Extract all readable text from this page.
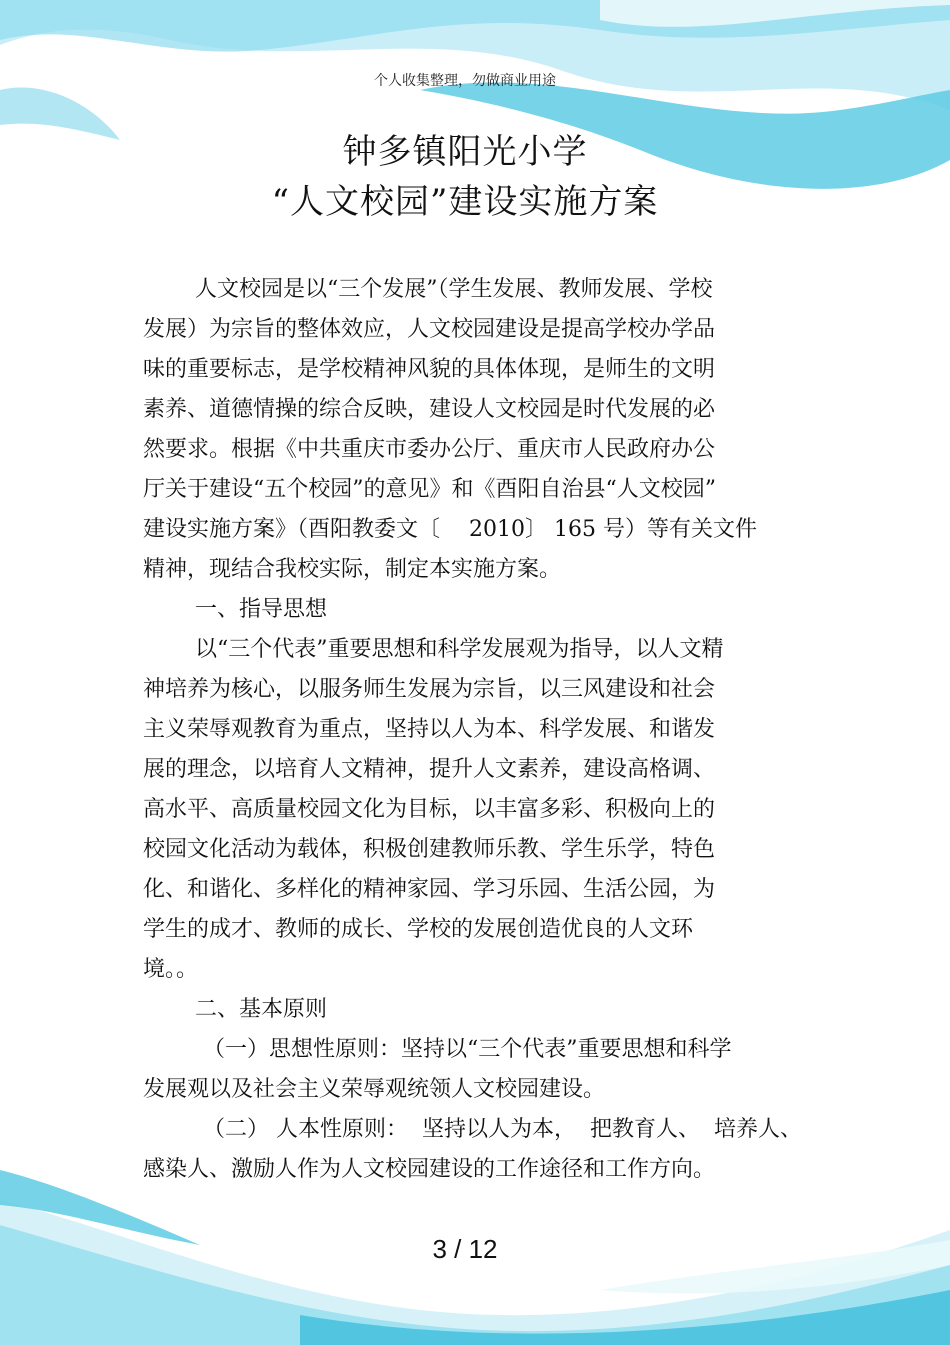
个人收集整理，勿做商业用途
钟多镇阳光小学
“人文校园”建设实施方案
人文校园是以“三个发展”（学生发展、教师发展、学校
发展）为宗旨的整体效应，人文校园建设是提高学校办学品
味的重要标志，是学校精神风貌的具体体现，是师生的文明
素养、道德情操的综合反映，建设人文校园是时代发展的必
然要求。根据《中共重庆市委办公厅、重庆市人民政府办公
厅关于建设“五个校园”的意见》和《酉阳自治县“人文校园”
建设实施方案》（酉阳教委文〔　 2010〕 165 号）等有关文件
精神，现结合我校实际，制定本实施方案。
一、指导思想
以“三个代表”重要思想和科学发展观为指导，以人文精
神培养为核心，以服务师生发展为宗旨，以三风建设和社会
主义荣辱观教育为重点，坚持以人为本、科学发展、和谐发
展的理念，以培育人文精神，提升人文素养，建设高格调、
高水平、高质量校园文化为目标，以丰富多彩、积极向上的
校园文化活动为载体，积极创建教师乐教、学生乐学，特色
化、和谐化、多样化的精神家园、学习乐园、生活公园，为
学生的成才、教师的成长、学校的发展创造优良的人文环
境。。
二、基本原则
（一）思想性原则：坚持以“三个代表”重要思想和科学
发展观以及社会主义荣辱观统领人文校园建设。
（二） 人本性原则：  坚持以人为本，  把教育人、  培养人、
感染人、激励人作为人文校园建设的工作途径和工作方向。
3 / 12
